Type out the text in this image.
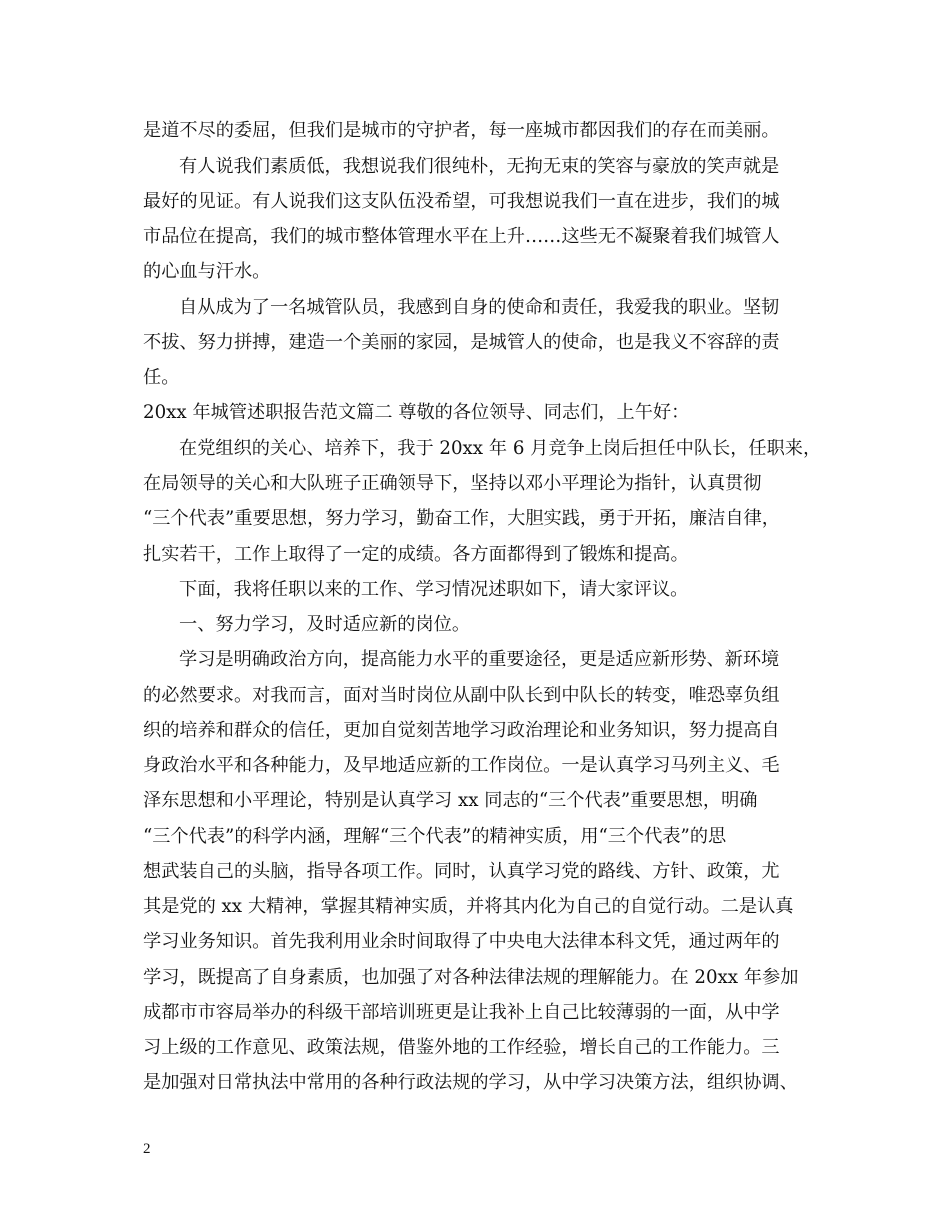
是道不尽的委屈，但我们是城市的守护者，每一座城市都因我们的存在而美丽。
有人说我们素质低，我想说我们很纯朴，无拘无束的笑容与豪放的笑声就是
最好的见证。有人说我们这支队伍没希望，可我想说我们一直在进步，我们的城
市品位在提高，我们的城市整体管理水平在上升……这些无不凝聚着我们城管人
的心血与汗水。
自从成为了一名城管队员，我感到自身的使命和责任，我爱我的职业。坚韧
不拔、努力拼搏，建造一个美丽的家园，是城管人的使命，也是我义不容辞的责
任。
20xx 年城管述职报告范文篇二 尊敬的各位领导、同志们，上午好：
在党组织的关心、培养下，我于 20xx 年 6 月竞争上岗后担任中队长，任职来，
在局领导的关心和大队班子正确领导下，坚持以邓小平理论为指针，认真贯彻
“三个代表”重要思想，努力学习，勤奋工作，大胆实践，勇于开拓，廉洁自律，
扎实若干，工作上取得了一定的成绩。各方面都得到了锻炼和提高。
下面，我将任职以来的工作、学习情况述职如下，请大家评议。
一、努力学习，及时适应新的岗位。
学习是明确政治方向，提高能力水平的重要途径，更是适应新形势、新环境
的必然要求。对我而言，面对当时岗位从副中队长到中队长的转变，唯恐辜负组
织的培养和群众的信任，更加自觉刻苦地学习政治理论和业务知识，努力提高自
身政治水平和各种能力，及早地适应新的工作岗位。一是认真学习马列主义、毛
泽东思想和小平理论，特别是认真学习 xx 同志的“三个代表”重要思想，明确
“三个代表”的科学内涵，理解“三个代表”的精神实质，用“三个代表”的思
想武装自己的头脑，指导各项工作。同时，认真学习党的路线、方针、政策，尤
其是党的 xx 大精神，掌握其精神实质，并将其内化为自己的自觉行动。二是认真
学习业务知识。首先我利用业余时间取得了中央电大法律本科文凭，通过两年的
学习，既提高了自身素质，也加强了对各种法律法规的理解能力。在 20xx 年参加
成都市市容局举办的科级干部培训班更是让我补上自己比较薄弱的一面，从中学
习上级的工作意见、政策法规，借鉴外地的工作经验，增长自己的工作能力。三
是加强对日常执法中常用的各种行政法规的学习，从中学习决策方法，组织协调、
2
